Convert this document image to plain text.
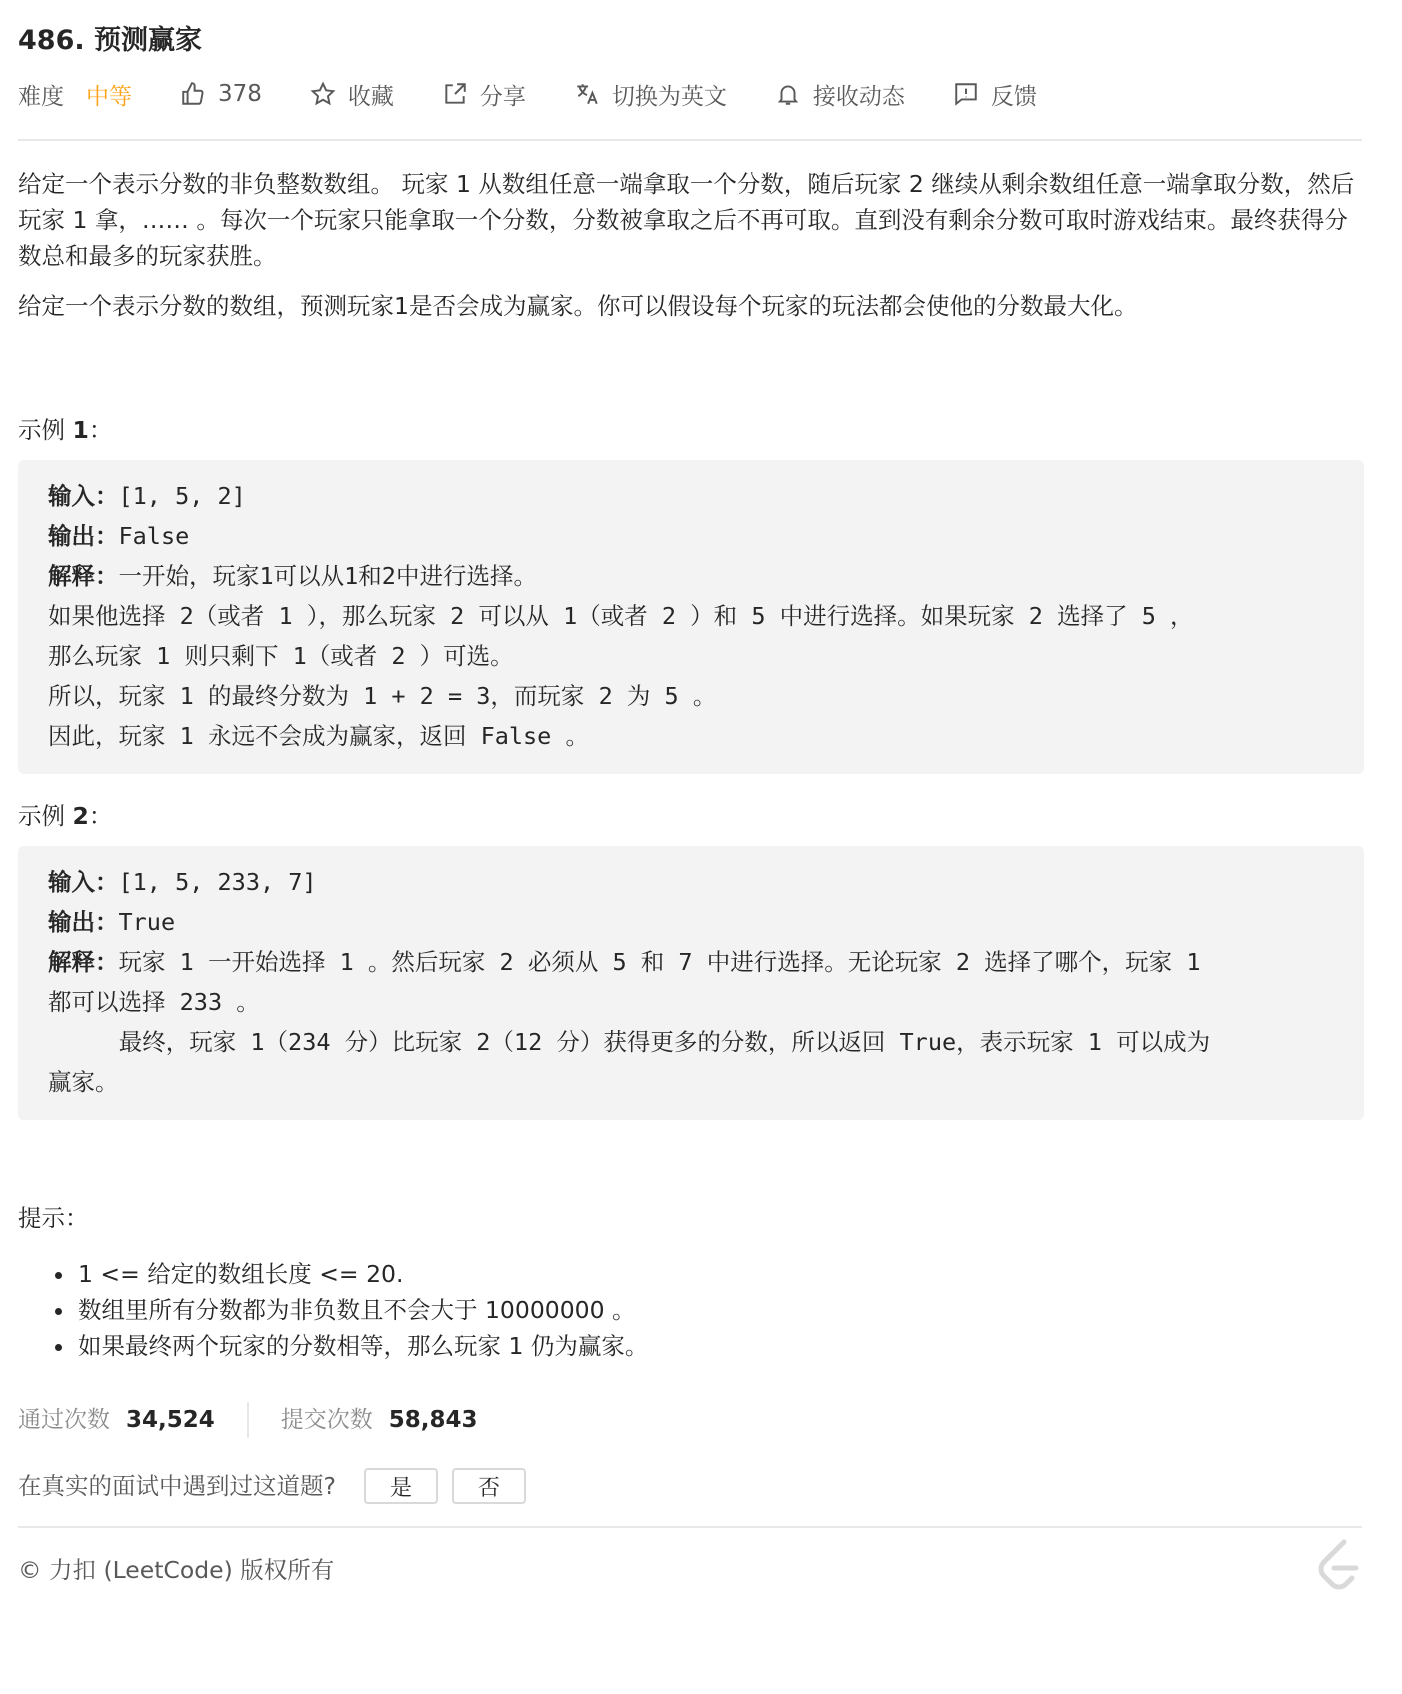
486. 预测赢家
难度 中等	378	收藏	分享	切换为英文	接收动态	反馈

给定一个表示分数的非负整数数组。 玩家 1 从数组任意一端拿取一个分数，随后玩家 2 继续从剩余数组任意一端拿取分数，然后玩家 1 拿，…… 。每次一个玩家只能拿取一个分数，分数被拿取之后不再可取。直到没有剩余分数可取时游戏结束。最终获得分数总和最多的玩家获胜。

给定一个表示分数的数组，预测玩家1是否会成为赢家。你可以假设每个玩家的玩法都会使他的分数最大化。

示例 1：

输入：[1, 5, 2]
输出：False
解释：一开始，玩家1可以从1和2中进行选择。
如果他选择 2（或者 1 ），那么玩家 2 可以从 1（或者 2 ）和 5 中进行选择。如果玩家 2 选择了 5 ，
那么玩家 1 则只剩下 1（或者 2 ）可选。
所以，玩家 1 的最终分数为 1 + 2 = 3，而玩家 2 为 5 。
因此，玩家 1 永远不会成为赢家，返回 False 。

示例 2：

输入：[1, 5, 233, 7]
输出：True
解释：玩家 1 一开始选择 1 。然后玩家 2 必须从 5 和 7 中进行选择。无论玩家 2 选择了哪个，玩家 1
都可以选择 233 。
最终，玩家 1（234 分）比玩家 2（12 分）获得更多的分数，所以返回 True，表示玩家 1 可以成为
赢家。

提示：

• 1 <= 给定的数组长度 <= 20.
• 数组里所有分数都为非负数且不会大于 10000000 。
• 如果最终两个玩家的分数相等，那么玩家 1 仍为赢家。
通过次数 34,524	提交次数 58,843
在真实的面试中遇到过这道题?	是	否
© 力扣 (LeetCode) 版权所有
